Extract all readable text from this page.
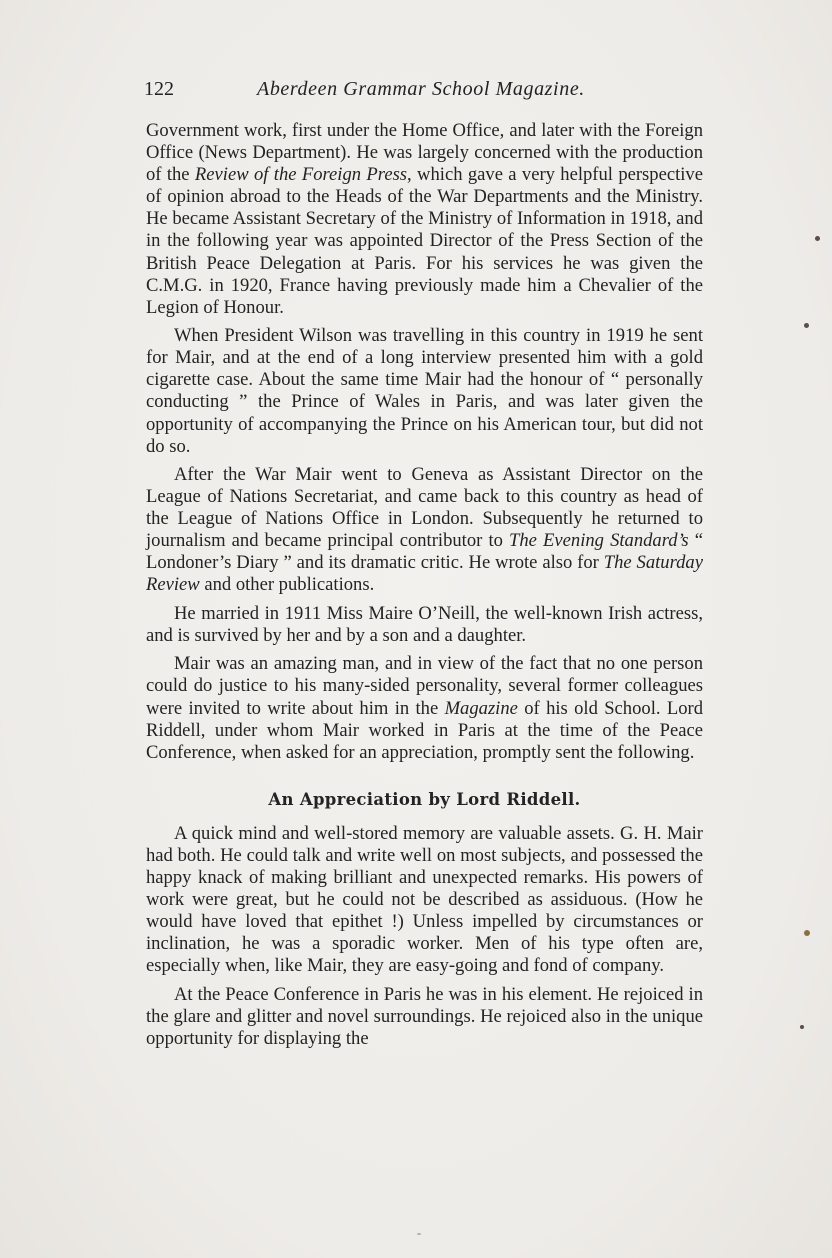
122	Aberdeen Grammar School Magazine.

Government work, first under the Home Office, and later with the Foreign Office (News Department). He was largely concerned with the production of the Review of the Foreign Press, which gave a very helpful perspective of opinion abroad to the Heads of the War Departments and the Ministry. He became Assistant Secretary of the Ministry of Information in 1918, and in the following year was appointed Director of the Press Section of the British Peace Delegation at Paris. For his services he was given the C.M.G. in 1920, France having previously made him a Chevalier of the Legion of Honour.

When President Wilson was travelling in this country in 1919 he sent for Mair, and at the end of a long interview presented him with a gold cigarette case. About the same time Mair had the honour of “ personally conducting ” the Prince of Wales in Paris, and was later given the opportunity of accompanying the Prince on his American tour, but did not do so.

After the War Mair went to Geneva as Assistant Director on the League of Nations Secretariat, and came back to this country as head of the League of Nations Office in London. Subsequently he returned to journalism and became principal contributor to The Evening Standard’s “ Londoner’s Diary ” and its dramatic critic. He wrote also for The Saturday Review and other publications.

He married in 1911 Miss Maire O’Neill, the well-known Irish actress, and is survived by her and by a son and a daughter.

Mair was an amazing man, and in view of the fact that no one person could do justice to his many-sided personality, several former colleagues were invited to write about him in the Magazine of his old School. Lord Riddell, under whom Mair worked in Paris at the time of the Peace Conference, when asked for an appreciation, promptly sent the following.

An Appreciation by Lord Riddell.

A quick mind and well-stored memory are valuable assets. G. H. Mair had both. He could talk and write well on most subjects, and possessed the happy knack of making brilliant and unexpected remarks. His powers of work were great, but he could not be described as assiduous. (How he would have loved that epithet !) Unless impelled by circumstances or inclination, he was a sporadic worker. Men of his type often are, especially when, like Mair, they are easy-going and fond of company.

At the Peace Conference in Paris he was in his element. He rejoiced in the glare and glitter and novel surroundings. He rejoiced also in the unique opportunity for displaying the
